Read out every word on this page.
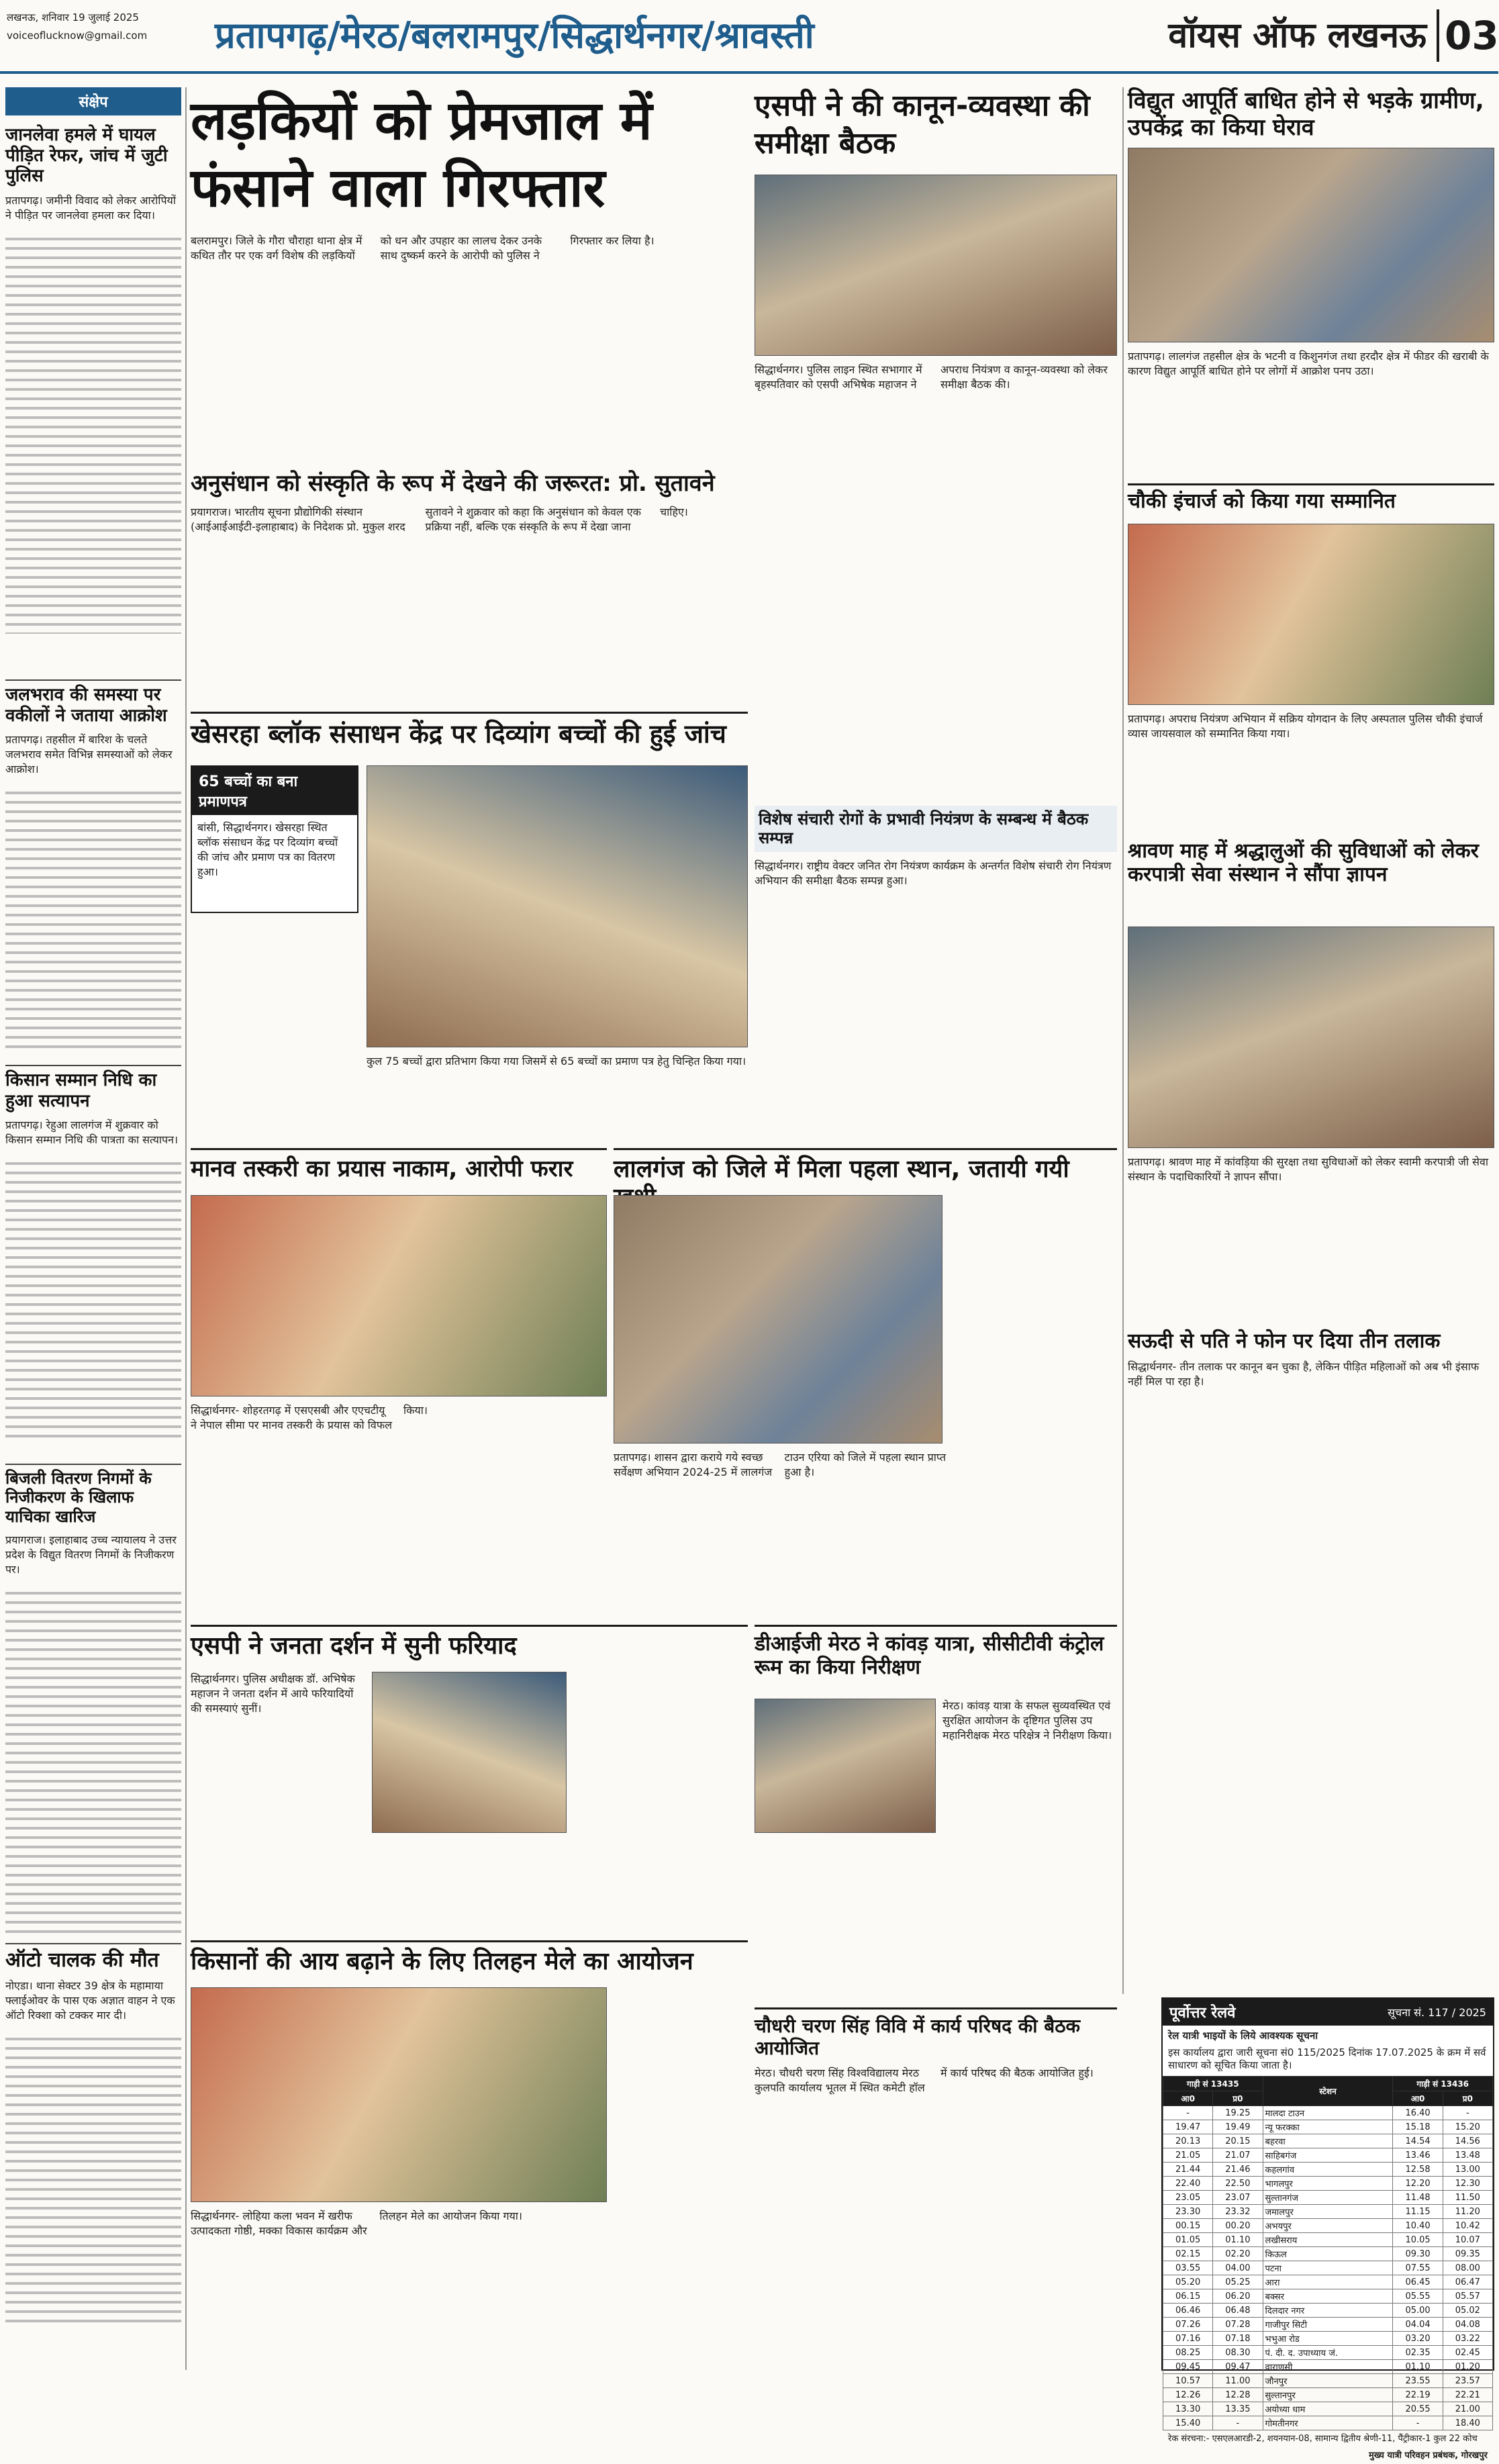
लखनऊ, शनिवार 19 जुलाई 2025
voiceoflucknow@gmail.com प्रतापगढ़/मेरठ/बलरामपुर/सिद्धार्थनगर/श्रावस्ती	वॉयस ऑफ लखनऊ 03
संक्षेप
जानलेवा हमले में घायल पीड़ित रेफर, जांच में जुटी पुलिस
प्रतापगढ़। जमीनी विवाद को लेकर आरोपियों ने पीड़ित पर जानलेवा हमला कर दिया।
जलभराव की समस्या पर वकीलों ने जताया आक्रोश
प्रतापगढ़। तहसील में बारिश के चलते जलभराव समेत विभिन्न समस्याओं को लेकर आक्रोश।
किसान सम्मान निधि का हुआ सत्यापन
प्रतापगढ़। रेहुआ लालगंज में शुक्रवार को किसान सम्मान निधि की पात्रता का सत्यापन।
बिजली वितरण निगमों के निजीकरण के खिलाफ याचिका खारिज
प्रयागराज। इलाहाबाद उच्च न्यायालय ने उत्तर प्रदेश के विद्युत वितरण निगमों के निजीकरण पर।
ऑटो चालक की मौत
नोएडा। थाना सेक्टर 39 क्षेत्र के महामाया फ्लाईओवर के पास एक अज्ञात वाहन ने एक ऑटो रिक्शा को टक्कर मार दी।
लड़कियों को प्रेमजाल में फंसाने वाला गिरफ्तार
बलरामपुर। जिले के गौरा चौराहा थाना क्षेत्र में कथित तौर पर एक वर्ग विशेष की लड़कियों को धन और उपहार का लालच देकर उनके साथ दुष्कर्म करने के आरोपी को पुलिस ने गिरफ्तार कर लिया है।
अनुसंधान को संस्कृति के रूप में देखने की जरूरत: प्रो. सुतावने
प्रयागराज। भारतीय सूचना प्रौद्योगिकी संस्थान (आईआईआईटी-इलाहाबाद) के निदेशक प्रो. मुकुल शरद सुतावने ने शुक्रवार को कहा कि अनुसंधान को केवल एक प्रक्रिया नहीं, बल्कि एक संस्कृति के रूप में देखा जाना चाहिए।
एसपी ने की कानून-व्यवस्था की समीक्षा बैठक
सिद्धार्थनगर। पुलिस लाइन स्थित सभागार में बृहस्पतिवार को एसपी अभिषेक महाजन ने अपराध नियंत्रण व कानून-व्यवस्था को लेकर समीक्षा बैठक की।
विशेष संचारी रोगों के प्रभावी नियंत्रण के सम्बन्ध में बैठक सम्पन्न
सिद्धार्थनगर। राष्ट्रीय वेक्टर जनित रोग नियंत्रण कार्यक्रम के अन्तर्गत विशेष संचारी रोग नियंत्रण अभियान की समीक्षा बैठक सम्पन्न हुआ।
विद्युत आपूर्ति बाधित होने से भड़के ग्रामीण, उपकेंद्र का किया घेराव
प्रतापगढ़। लालगंज तहसील क्षेत्र के भटनी व किशुनगंज तथा हरदौर क्षेत्र में फीडर की खराबी के कारण विद्युत आपूर्ति बाधित होने पर लोगों में आक्रोश पनप उठा।
चौकी इंचार्ज को किया गया सम्मानित
प्रतापगढ़। अपराध नियंत्रण अभियान में सक्रिय योगदान के लिए अस्पताल पुलिस चौकी इंचार्ज व्यास जायसवाल को सम्मानित किया गया।
खेसरहा ब्लॉक संसाधन केंद्र पर दिव्यांग बच्चों की हुई जांच
65 बच्चों का बना प्रमाणपत्र
बांसी, सिद्धार्थनगर। खेसरहा स्थित ब्लॉक संसाधन केंद्र पर दिव्यांग बच्चों की जांच और प्रमाण पत्र का वितरण हुआ।
कुल 75 बच्चों द्वारा प्रतिभाग किया गया जिसमें से 65 बच्चों का प्रमाण पत्र हेतु चिन्हित किया गया।
श्रावण माह में श्रद्धालुओं की सुविधाओं को लेकर करपात्री सेवा संस्थान ने सौंपा ज्ञापन
प्रतापगढ़। श्रावण माह में कांवड़िया की सुरक्षा तथा सुविधाओं को लेकर स्वामी करपात्री जी सेवा संस्थान के पदाधिकारियों ने ज्ञापन सौंपा।
मानव तस्करी का प्रयास नाकाम, आरोपी फरार
सिद्धार्थनगर- शोहरतगढ़ में एसएसबी और एएचटीयू ने नेपाल सीमा पर मानव तस्करी के प्रयास को विफल किया।
लालगंज को जिले में मिला पहला स्थान, जतायी गयी
प्रतापगढ़। शासन द्वारा कराये गये स्वच्छ सर्वेक्षण अभियान 2024-25 में लालगंज टाउन एरिया को जिले में पहला स्थान प्राप्त हुआ है।
सऊदी से पति ने फोन पर दिया तीन तलाक
सिद्धार्थनगर- तीन तलाक पर कानून बन चुका है, लेकिन पीड़ित महिलाओं को अब भी इंसाफ नहीं मिल पा रहा है।
एसपी ने जनता दर्शन में सुनी फरियाद
सिद्धार्थनगर। पुलिस अधीक्षक डॉ. अभिषेक महाजन ने जनता दर्शन में आये फरियादियों की समस्याएं सुनीं।
डीआईजी मेरठ ने कांवड़ यात्रा, सीसीटीवी कंट्रोल रूम का किया निरीक्षण
मेरठ। कांवड़ यात्रा के सफल सुव्यवस्थित एवं सुरक्षित आयोजन के दृष्टिगत पुलिस उप महानिरीक्षक मेरठ परिक्षेत्र ने निरीक्षण किया।
किसानों की आय बढ़ाने के लिए तिलहन मेले का आयोजन
सिद्धार्थनगर- लोहिया कला भवन में खरीफ उत्पादकता गोष्ठी, मक्का विकास कार्यक्रम और तिलहन मेले का आयोजन किया गया।
चौधरी चरण सिंह विवि में कार्य परिषद की बैठक आयोजित
मेरठ। चौधरी चरण सिंह विश्वविद्यालय मेरठ कुलपति कार्यालय भूतल में स्थित कमेटी हॉल में कार्य परिषद की बैठक आयोजित हुई।
पूर्वोत्तर रेलवे	सूचना सं. 117 / 2025
रेल यात्री भाइयों के लिये आवश्यक सूचना
इस कार्यालय द्वारा जारी सूचना सं0 115/2025 दिनांक 17.07.2025 के क्रम में सर्व साधारण को सूचित किया जाता है।
गाड़ी सं 13435		स्टेशन	गाड़ी सं 13436	
आ0	प्र0		आ0	प्र0
-	19.25	मालदा टाउन	16.40	-
19.47	19.49	न्यू फरक्का	15.18	15.20
20.13	20.15	बहरवा	14.54	14.56
21.05	21.07	साहिबगंज	13.46	13.48
21.44	21.46	कहलगांव	12.58	13.00
22.40	22.50	भागलपुर	12.20	12.30
23.05	23.07	सुल्तानगंज	11.48	11.50
23.30	23.32	जमालपुर	11.15	11.20
00.15	00.20	अभयपुर	10.40	10.42
01.05	01.10	लखीसराय	10.05	10.07
02.15	02.20	किऊल	09.30	09.35
03.55	04.00	पटना	07.55	08.00
05.20	05.25	आरा	06.45	06.47
06.15	06.20	बक्सर	05.55	05.57
06.46	06.48	दिलदार नगर	05.00	05.02
07.26	07.28	गाजीपुर सिटी	04.04	04.08
07.16	07.18	भभुआ रोड	03.20	03.22
08.25	08.30	पं. दी. द. उपाध्याय जं.	02.35	02.45
09.45	09.47	वाराणसी	01.10	01.20
10.57	11.00	जौनपुर	23.55	23.57
12.26	12.28	सुल्तानपुर	22.19	22.21
13.30	13.35	अयोध्या धाम	20.55	21.00
15.40	-	गोमतीनगर	-	18.40
रेक संरचना:- एसएलआरडी-2, शयनयान-08, सामान्य द्वितीय श्रेणी-11, पैंट्रीकार-1 कुल 22 कोच
मुख्य यात्री परिवहन प्रबंधक, गोरखपुर
